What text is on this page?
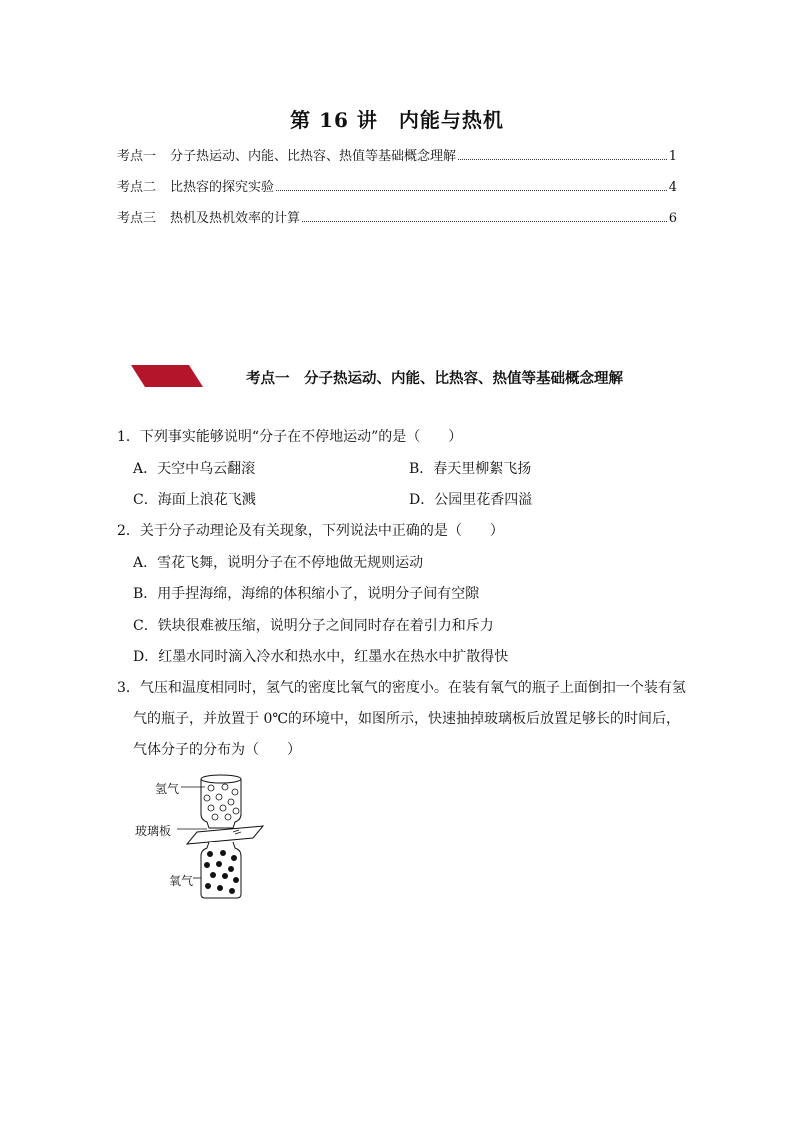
第 16 讲　内能与热机
考点一 分子热运动、内能、比热容、热值等基础概念理解	1
考点二 比热容的探究实验	4
考点三 热机及热机效率的计算	6
考点一　分子热运动、内能、比热容、热值等基础概念理解
1．下列事实能够说明“分子在不停地运动”的是（　　）
A．天空中乌云翻滚	B．春天里柳絮飞扬
C．海面上浪花飞溅	D．公园里花香四溢
2．关于分子动理论及有关现象，下列说法中正确的是（　　）
A．雪花飞舞，说明分子在不停地做无规则运动
B．用手捏海绵，海绵的体积缩小了，说明分子间有空隙
C．铁块很难被压缩，说明分子之间同时存在着引力和斥力
D．红墨水同时滴入冷水和热水中，红墨水在热水中扩散得快
3．气压和温度相同时，氢气的密度比氧气的密度小。在装有氧气的瓶子上面倒扣一个装有氢
气的瓶子，并放置于 0℃的环境中，如图所示，快速抽掉玻璃板后放置足够长的时间后，
气体分子的分布为（　　）
氢气
玻璃板
氧气
